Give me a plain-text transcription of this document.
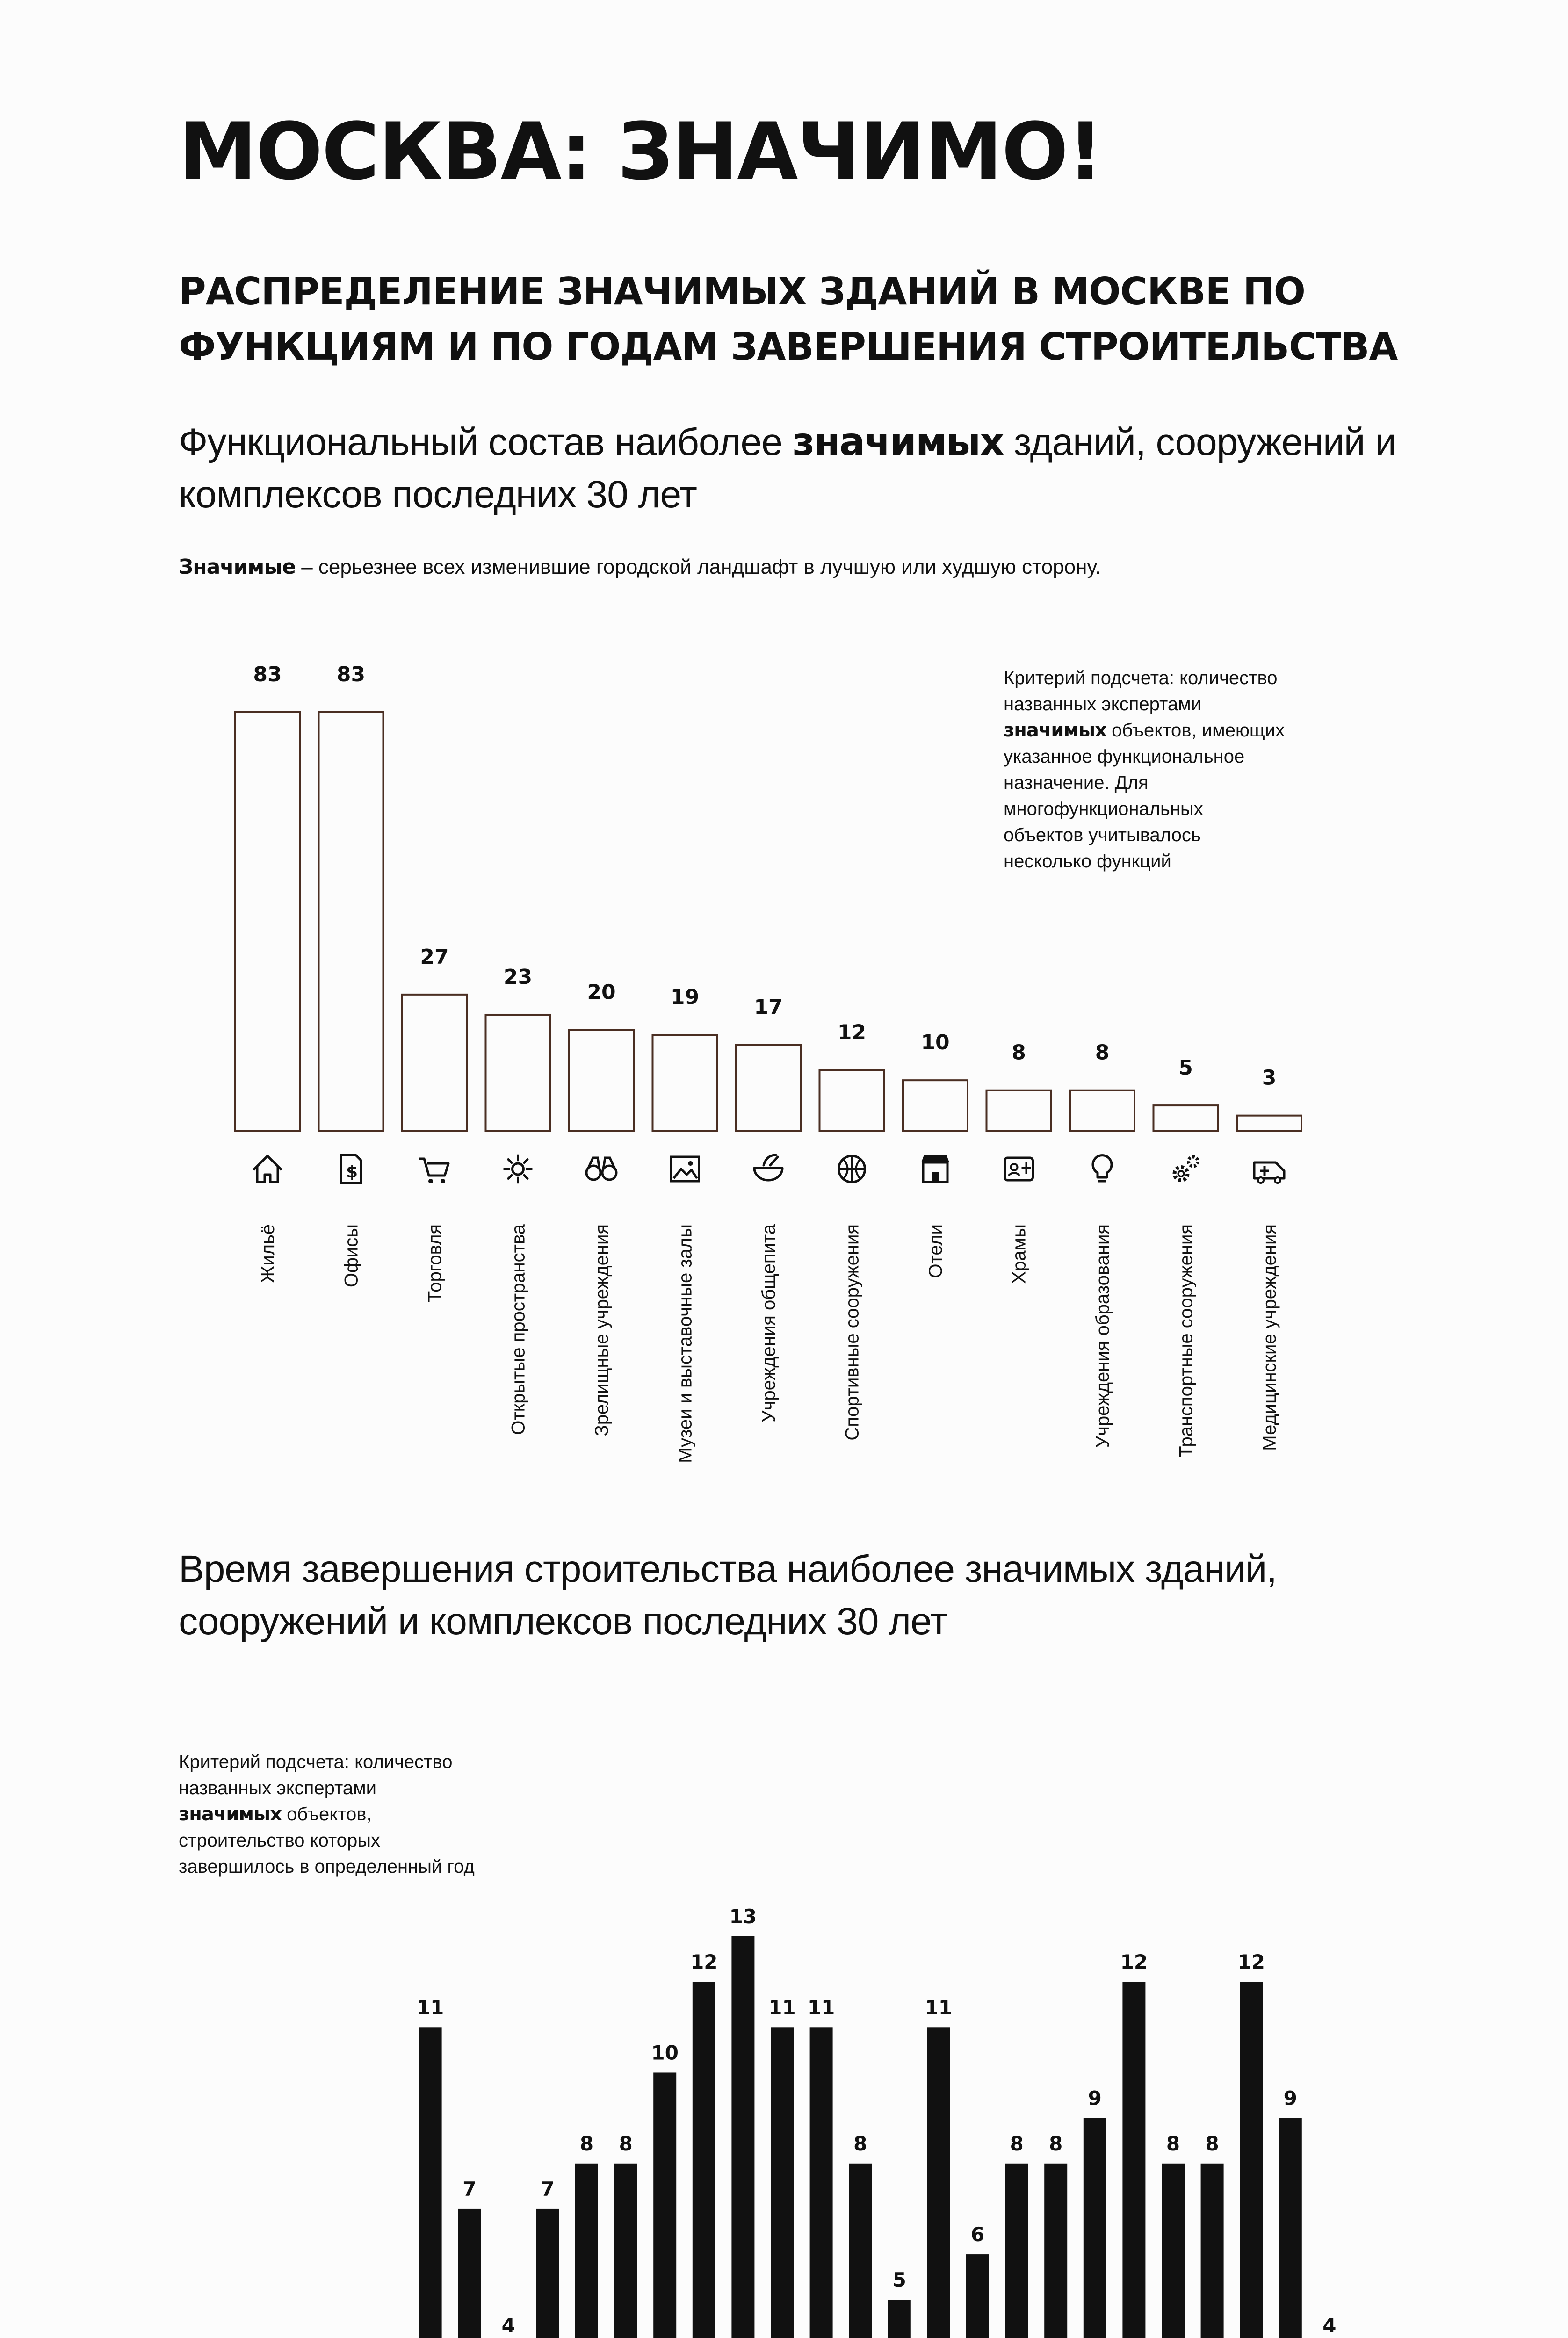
МОСКВА: ЗНАЧИМО!
РАСПРЕДЕЛЕНИЕ ЗНАЧИМЫХ ЗДАНИЙ В МОСКВЕ ПО ФУНКЦИЯМ И ПО ГОДАМ ЗАВЕРШЕНИЯ СТРОИТЕЛЬСТВА
Функциональный состав наиболее значимых зданий, сооружений и комплексов последних 30 лет
Значимые – серьезнее всех изменившие городской ландшафт в лучшую или худшую сторону.
Критерий подсчета: количество
названных экспертами
значимых объектов, имеющих
указанное функциональное
назначение. Для
многофункциональных
объектов учитывалось
несколько функций
83
Жильё
83
$
Офисы
27
Торговля
23
Открытые пространства
20
Зрелищные учреждения
19
Музеи и выставочные залы
17
Учреждения общепита
12
Спортивные сооружения
10
Отели
8
Храмы
8
Учреждения образования
5
Транспортные сооружения
3
Медицинские учреждения
11
7
4
7
8 8
10
12
13
11 11
8
5
11
6
8 8
9
12
8 8
12
9
4
Время завершения строительства наиболее значимых зданий, сооружений и комплексов последних 30 лет
Критерий подсчета: количество
названных экспертами
значимых объектов,
строительство которых
завершилось в определенный год
